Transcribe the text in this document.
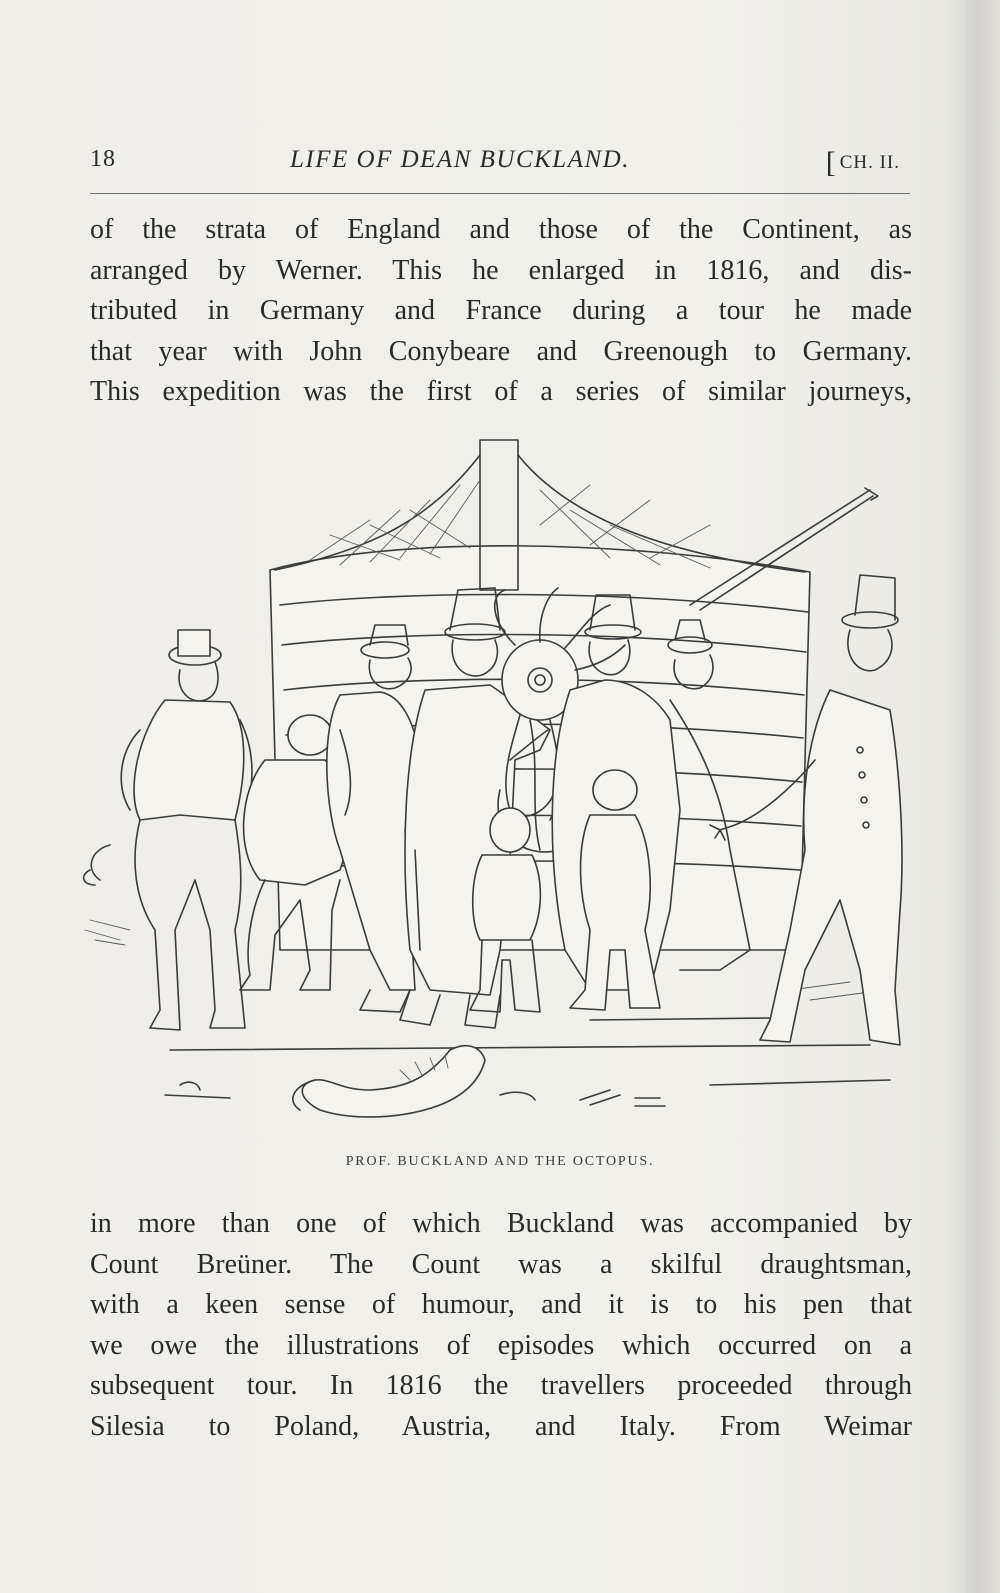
18	LIFE OF DEAN BUCKLAND.	[ CH. II.
of the strata of England and those of the Continent, as
arranged by Werner. This he enlarged in 1816, and dis-
tributed in Germany and France during a tour he made
that year with John Conybeare and Greenough to Germany.
This expedition was the first of a series of similar journeys,
PROF. BUCKLAND AND THE OCTOPUS.
in more than one of which Buckland was accompanied by
Count Breüner. The Count was a skilful draughtsman,
with a keen sense of humour, and it is to his pen that
we owe the illustrations of episodes which occurred on a
subsequent tour. In 1816 the travellers proceeded through
Silesia to Poland, Austria, and Italy. From Weimar
